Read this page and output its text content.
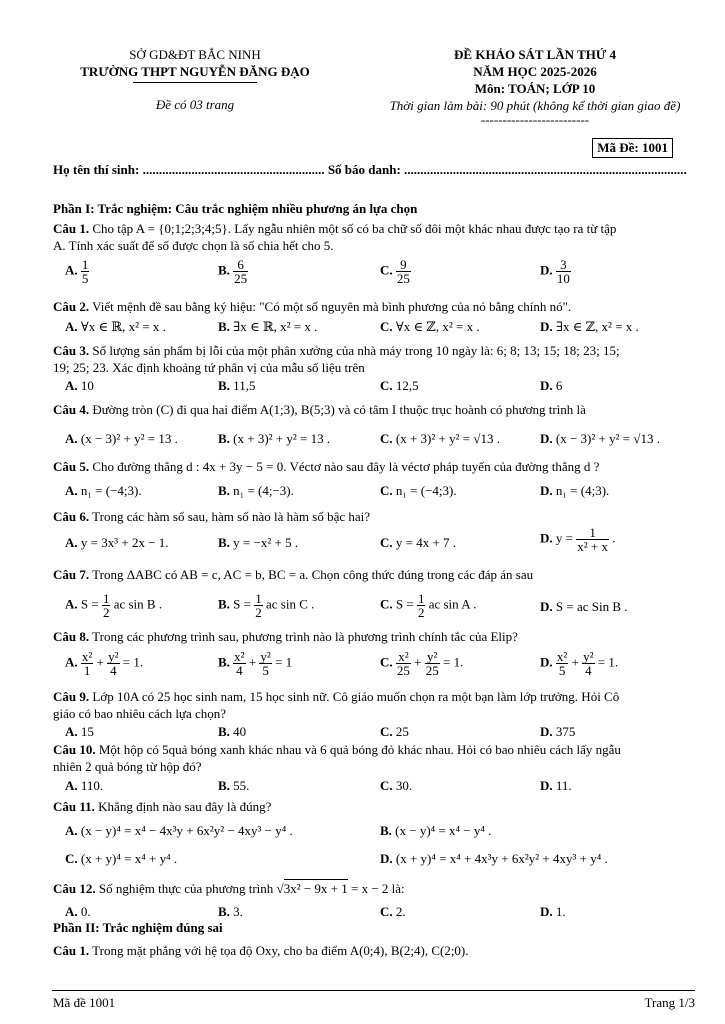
SỞ GD&ĐT BẮC NINH
TRƯỜNG THPT NGUYỄN ĐĂNG ĐẠO
Đề có 03 trang
ĐỀ KHẢO SÁT LẦN THỨ 4
NĂM HỌC 2025-2026
Môn: TOÁN; LỚP 10
Thời gian làm bài: 90 phút (không kể thời gian giao đề)
-------------------------
Mã Đề: 1001
Họ tên thí sinh: ........................................................ Số báo danh: .......................................................................................
Phần I: Trắc nghiệm: Câu trắc nghiệm nhiều phương án lựa chọn
Câu 1. Cho tập A = {0;1;2;3;4;5}. Lấy ngẫu nhiên một số có ba chữ số đôi một khác nhau được tạo ra từ tập
A. Tính xác suất để số được chọn là số chia hết cho 5.
A. $\frac{1}{5}$	B. $\frac{6}{25}$	C. $\frac{9}{25}$	D. $\frac{3}{10}$
Câu 2. Viết mệnh đề sau bằng ký hiệu: "Có một số nguyên mà bình phương của nó bằng chính nó".
A. ∀x ∈ ℝ, x² = x .	B. ∃x ∈ ℝ, x² = x .	C. ∀x ∈ ℤ, x² = x .	D. ∃x ∈ ℤ, x² = x .
Câu 3. Số lượng sản phẩm bị lỗi của một phân xưởng của nhà máy trong 10 ngày là: 6; 8; 13; 15; 18; 23; 15;
19; 25; 23. Xác định khoảng tứ phân vị của mẫu số liệu trên
A. 10	B. 11,5	C. 12,5	D. 6
Câu 4. Đường tròn (C) đi qua hai điểm A(1;3), B(5;3) và có tâm I thuộc trục hoành có phương trình là
A. (x − 3)² + y² = 13 .	B. (x + 3)² + y² = 13 .	C. (x + 3)² + y² = √13 .	D. (x − 3)² + y² = √13 .
Câu 5. Cho đường thẳng d : 4x + 3y − 5 = 0. Véctơ nào sau đây là véctơ pháp tuyến của đường thẳng d ?
A. n₁ = (−4;3).	B. n₁ = (4;−3).	C. n₁ = (−4;3).	D. n₁ = (4;3).
Câu 6. Trong các hàm số sau, hàm số nào là hàm số bậc hai?
A. y = 3x³ + 2x − 1.	B. y = −x² + 5 .	C. y = 4x + 7 .	D. $y = \frac{1}{\text{x² + x}}$ .
Câu 7. Trong ΔABC có AB = c, AC = b, BC = a. Chọn công thức đúng trong các đáp án sau
A. $S = \frac{1}{2}$ ac sin B .	B. $S = \frac{1}{2}$ ac sin C .	C. $S = \frac{1}{2}$ ac sin A .	D. S = ac Sin B .
Câu 8. Trong các phương trình sau, phương trình nào là phương trình chính tắc của Elip?
A. $\frac{\text{x²}}{1} + \frac{\text{y²}}{4} = 1$.	B. $\frac{\text{x²}}{4} + \frac{\text{y²}}{5} = 1$	C. $\frac{\text{x²}}{25} + \frac{\text{y²}}{25} = 1$.	D. $\frac{\text{x²}}{5} + \frac{\text{y²}}{4} = 1$.
Câu 9. Lớp 10A có 25 học sinh nam, 15 học sinh nữ. Cô giáo muốn chọn ra một bạn làm lớp trưởng. Hỏi Cô
giáo có bao nhiêu cách lựa chọn?
A. 15	B. 40	C. 25	D. 375
Câu 10. Một hộp có 5quả bóng xanh khác nhau và 6 quả bóng đỏ khác nhau. Hỏi có bao nhiêu cách lấy ngẫu
nhiên 2 quả bóng từ hộp đó?
A. 110.	B. 55.	C. 30.	D. 11.
Câu 11. Khẳng định nào sau đây là đúng?
A. (x − y)⁴ = x⁴ − 4x³y + 6x²y² − 4xy³ − y⁴ .	B. (x − y)⁴ = x⁴ − y⁴ .
C. (x + y)⁴ = x⁴ + y⁴ .	D. (x + y)⁴ = x⁴ + 4x³y + 6x²y² + 4xy³ + y⁴ .
Câu 12. Số nghiệm thực của phương trình √3x² − 9x + 1 = x − 2 là:
A. 0.	B. 3.	C. 2.	D. 1.
Phần II: Trắc nghiệm đúng sai
Câu 1. Trong mặt phẳng với hệ tọa độ Oxy, cho ba điểm A(0;4), B(2;4), C(2;0).
Mã đề 1001	Trang 1/3
